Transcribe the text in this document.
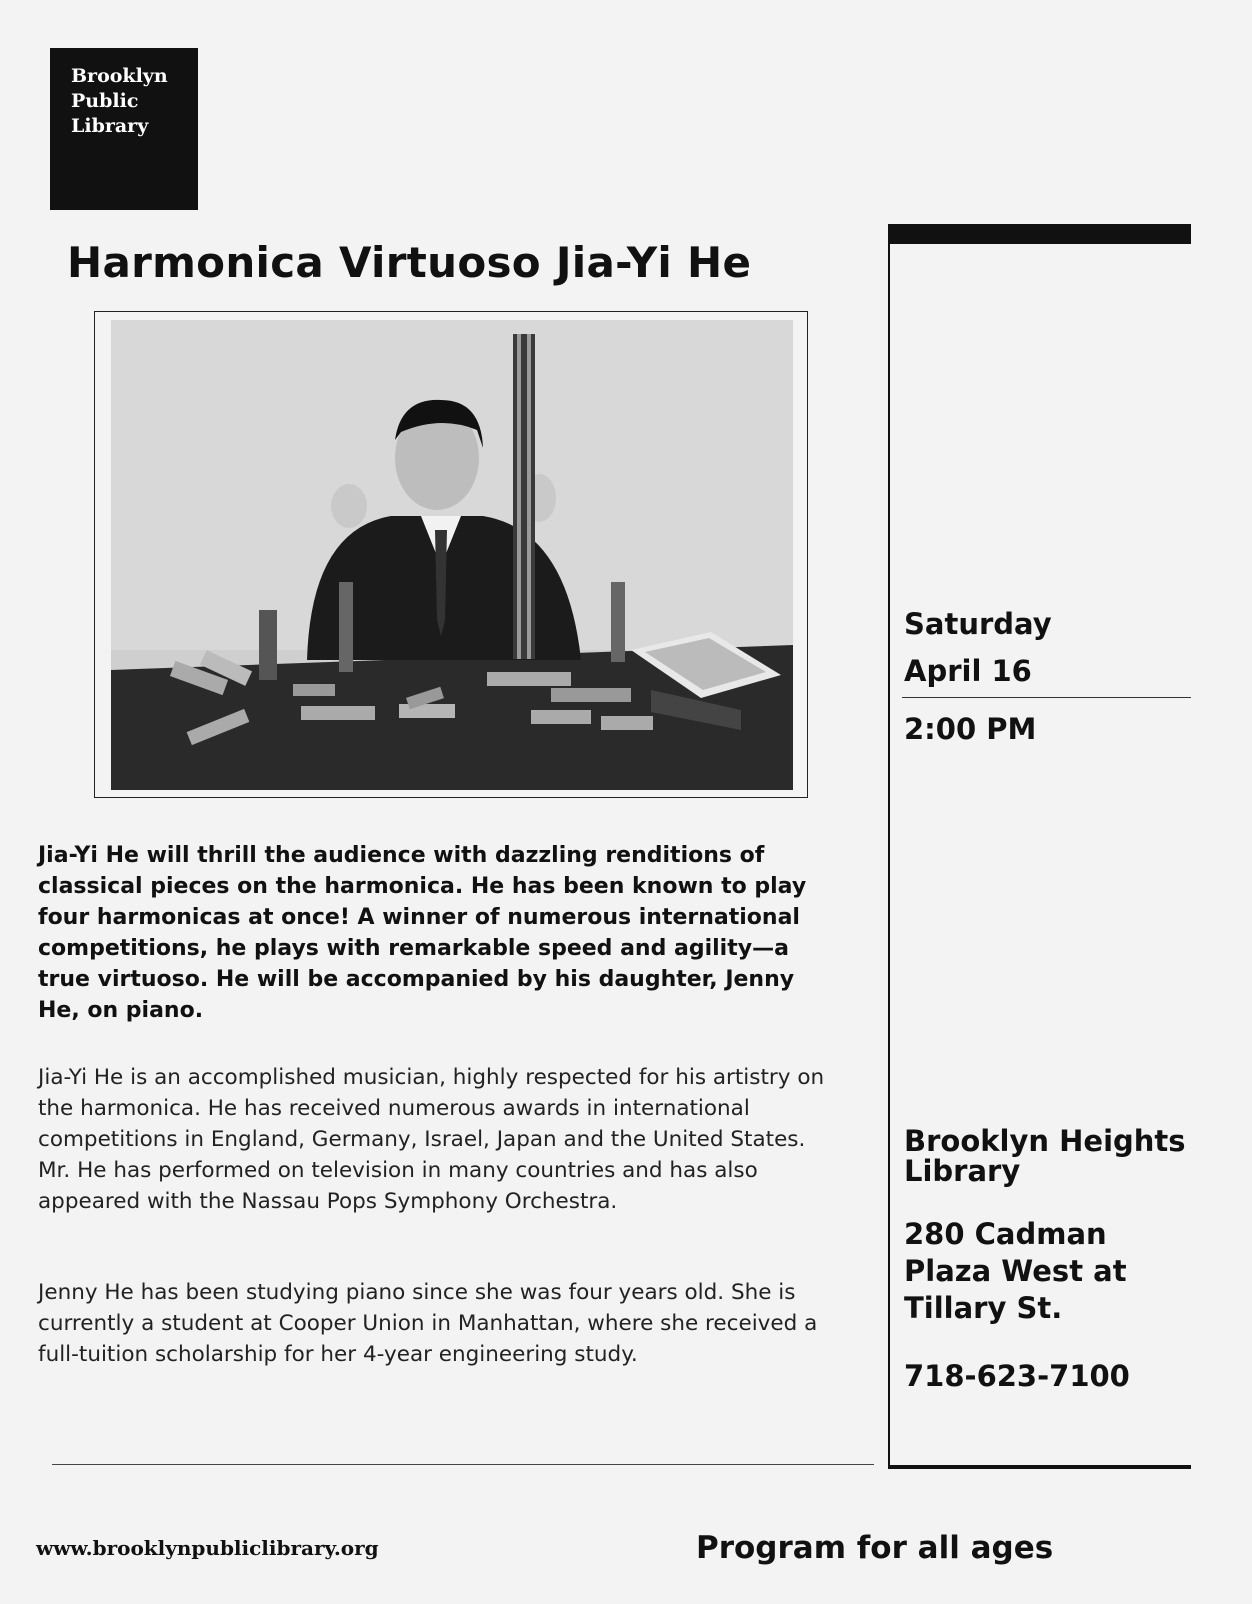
Brooklyn
Public
Library
Harmonica Virtuoso Jia-Yi He

Jia-Yi He will thrill the audience with dazzling renditions of classical pieces on the harmonica. He has been known to play four harmonicas at once! A winner of numerous international competitions, he plays with remarkable speed and agility—a true virtuoso. He will be accompanied by his daughter, Jenny He, on piano.

Jia-Yi He is an accomplished musician, highly respected for his artistry on the harmonica. He has received numerous awards in international competitions in England, Germany, Israel, Japan and the United States. Mr. He has performed on television in many countries and has also appeared with the Nassau Pops Symphony Orchestra.

Jenny He has been studying piano since she was four years old. She is currently a student at Cooper Union in Manhattan, where she received a full-tuition scholarship for her 4-year engineering study.

www.brooklynpubliclibrary.org	Program for all ages

Saturday

April 16

2:00 PM

Brooklyn Heights Library

280 Cadman
Plaza West at
Tillary St.

718-623-7100
